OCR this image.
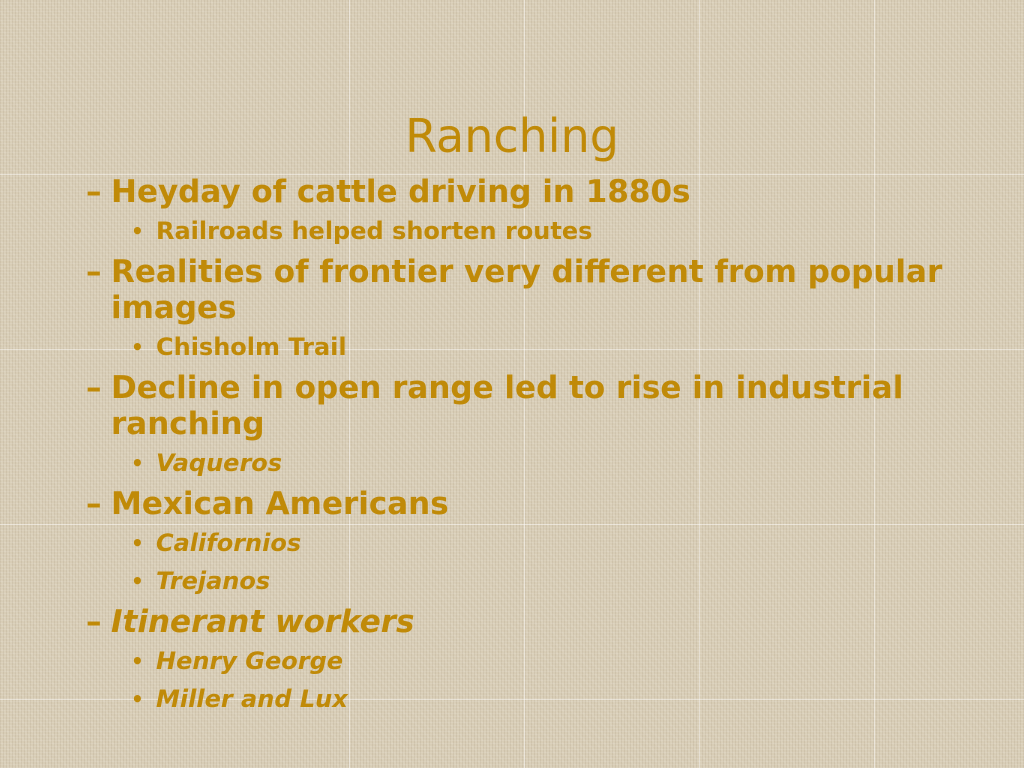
Ranching
– Heyday of cattle driving in 1880s
• Railroads helped shorten routes
– Realities of frontier very different from popular images
• Chisholm Trail
– Decline in open range led to rise in industrial ranching
• Vaqueros
– Mexican Americans
• Californios
• Trejanos
– Itinerant workers
• Henry George
• Miller and Lux
